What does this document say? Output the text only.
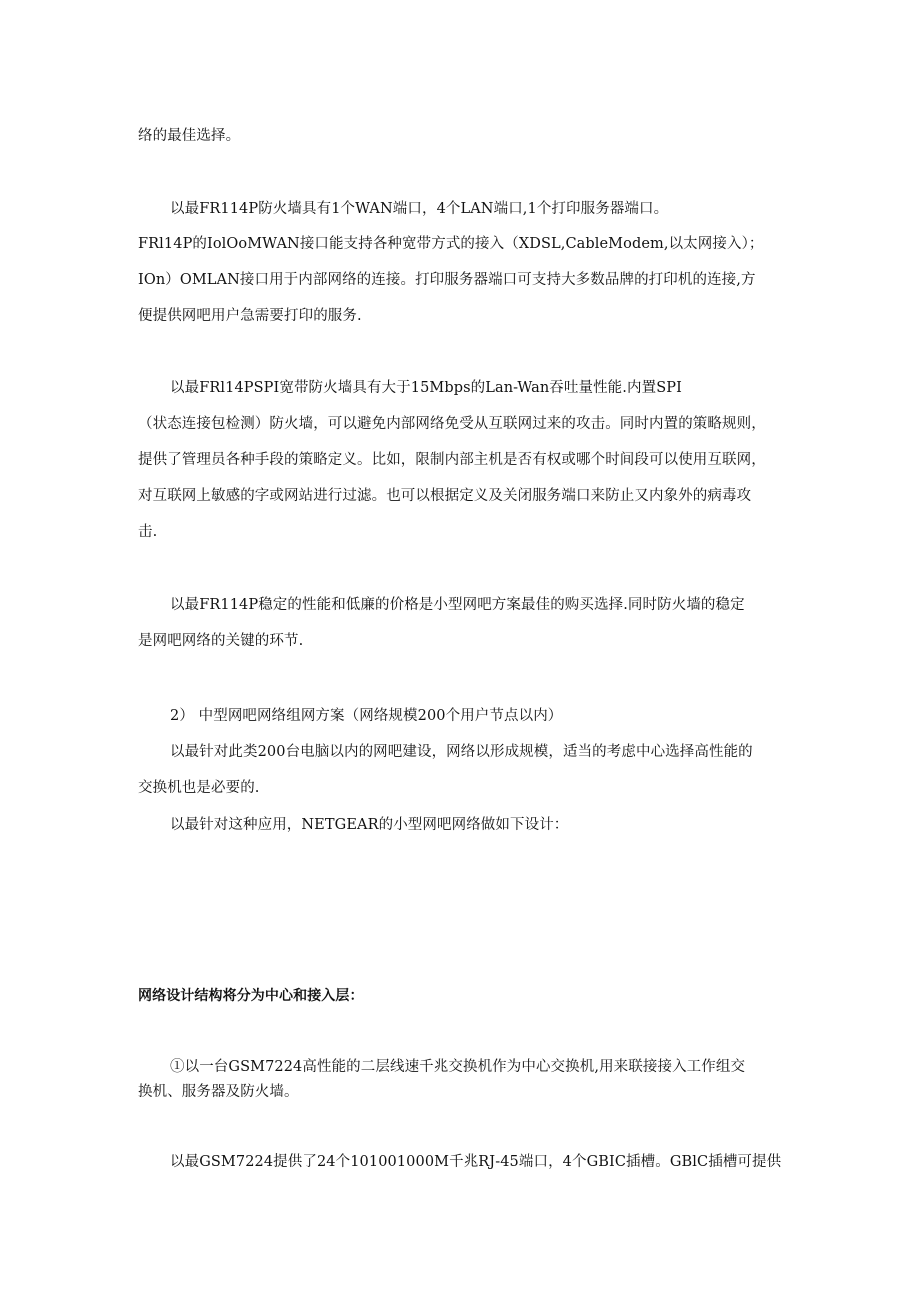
络的最佳选择。
以最FR114P防火墙具有1个WAN端口，4个LAN端口,1个打印服务器端口。
FRl14P的IolOoMWAN接口能支持各种宽带方式的接入（XDSL,CableModem,以太网接入）；
IOn）OMLAN接口用于内部网络的连接。打印服务器端口可支持大多数品牌的打印机的连接,方
便提供网吧用户急需要打印的服务.
以最FRl14PSPI宽带防火墙具有大于15Mbps的Lan-Wan吞吐量性能.内置SPI
（状态连接包检测）防火墙，可以避免内部网络免受从互联网过来的攻击。同时内置的策略规则，
提供了管理员各种手段的策略定义。比如，限制内部主机是否有权或哪个时间段可以使用互联网，
对互联网上敏感的字或网站进行过滤。也可以根据定义及关闭服务端口来防止又内象外的病毒攻
击.
以最FR114P稳定的性能和低廉的价格是小型网吧方案最佳的购买选择.同时防火墙的稳定
是网吧网络的关键的环节.
2） 中型网吧网络组网方案（网络规模200个用户节点以内）
以最针对此类200台电脑以内的网吧建设，网络以形成规模，适当的考虑中心选择高性能的
交换机也是必要的.
以最针对这种应用，NETGEAR的小型网吧网络做如下设计：
网络设计结构将分为中心和接入层：
①以一台GSM7224高性能的二层线速千兆交换机作为中心交换机,用来联接接入工作组交
换机、服务器及防火墙。
以最GSM7224提供了24个101001000M千兆RJ-45端口，4个GBIC插槽。GBlC插槽可提供
